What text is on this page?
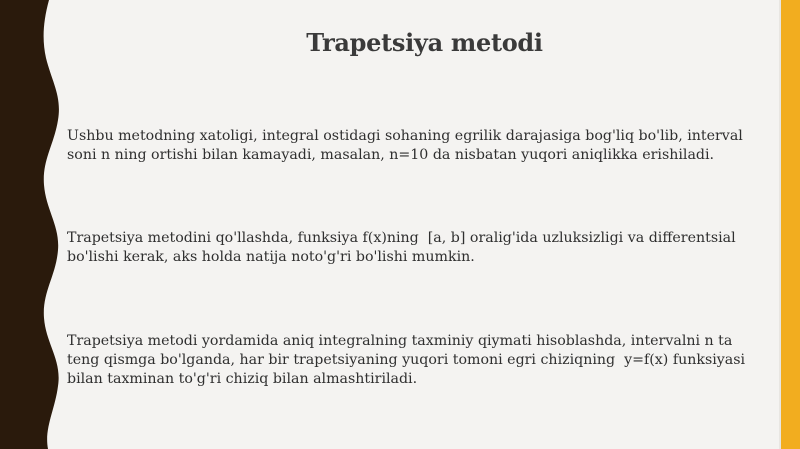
Trapetsiya metodi
Ushbu metodning xatoligi, integral ostidagi sohaning egrilik darajasiga bog'liq bo'lib, interval
soni n ning ortishi bilan kamayadi, masalan, n=10 da nisbatan yuqori aniqlikka erishiladi.
Trapetsiya metodini qo'llashda, funksiya f(x)ning  [a, b] oralig'ida uzluksizligi va differentsial
bo'lishi kerak, aks holda natija noto'g'ri bo'lishi mumkin.
Trapetsiya metodi yordamida aniq integralning taxminiy qiymati hisoblashda, intervalni n ta
teng qismga bo'lganda, har bir trapetsiyaning yuqori tomoni egri chiziqning  y=f(x) funksiyasi
bilan taxminan to'g'ri chiziq bilan almashtiriladi.
